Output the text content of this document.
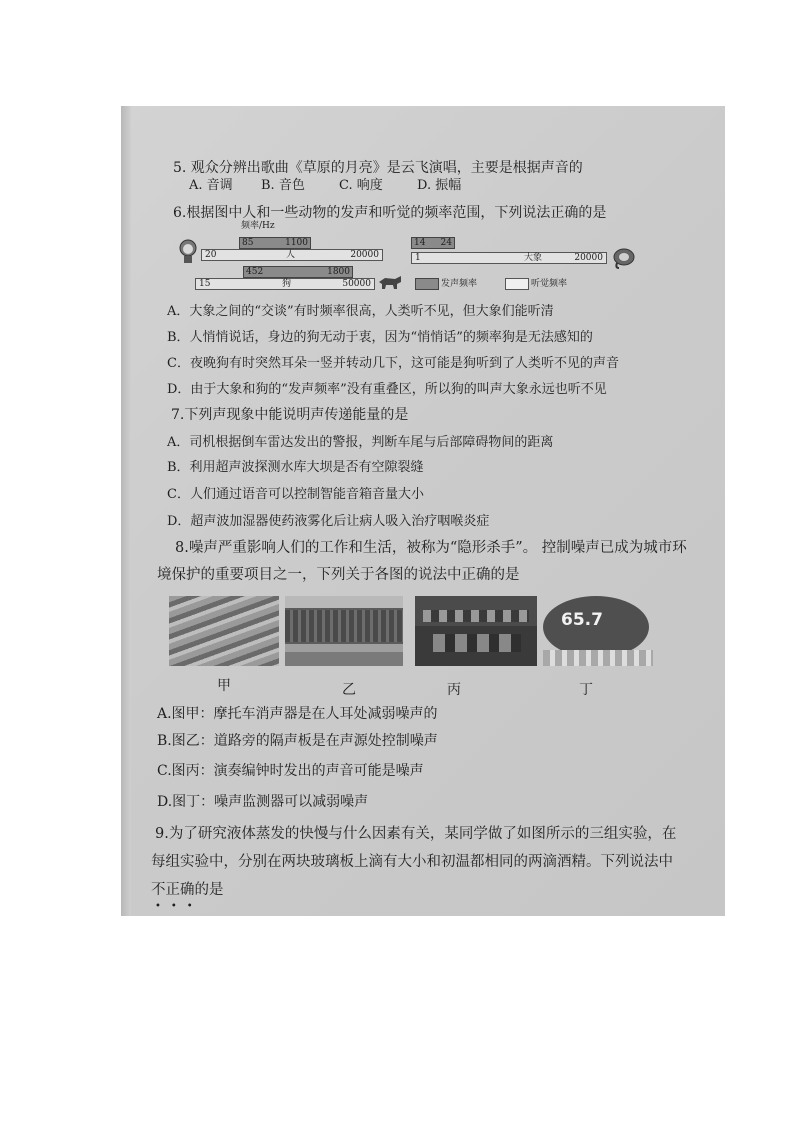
5. 观众分辨出歌曲《草原的月亮》是云飞演唱，主要是根据声音的
A. 音调 B. 音色	C. 响度	D. 振幅
6.根据图中人和一些动物的发声和听觉的频率范围，下列说法正确的是
频率/Hz
85	1100
20	人	20000
452	1800
15	狗	50000	发声频率	听觉频率
14 24
1	大象	20000
A．大象之间的“交谈”有时频率很高，人类听不见，但大象们能听清
B．人悄悄说话，身边的狗无动于衷，因为“悄悄话”的频率狗是无法感知的
C．夜晚狗有时突然耳朵一竖并转动几下，这可能是狗听到了人类听不见的声音
D．由于大象和狗的“发声频率”没有重叠区，所以狗的叫声大象永远也听不见
7.下列声现象中能说明声传递能量的是
A．司机根据倒车雷达发出的警报，判断车尾与后部障碍物间的距离
B．利用超声波探测水库大坝是否有空隙裂缝
C．人们通过语音可以控制智能音箱音量大小
D．超声波加湿器使药液雾化后让病人吸入治疗咽喉炎症
8.噪声严重影响人们的工作和生活，被称为“隐形杀手”。 控制噪声已成为城市环
境保护的重要项目之一，下列关于各图的说法中正确的是
65.7
甲	乙	丙	丁
A.图甲：摩托车消声器是在人耳处减弱噪声的
B.图乙：道路旁的隔声板是在声源处控制噪声
C.图丙：演奏编钟时发出的声音可能是噪声
D.图丁：噪声监测器可以减弱噪声
9.为了研究液体蒸发的快慢与什么因素有关，某同学做了如图所示的三组实验，在
每组实验中，分别在两块玻璃板上滴有大小和初温都相同的两滴酒精。下列说法中
不正确的是
•••
